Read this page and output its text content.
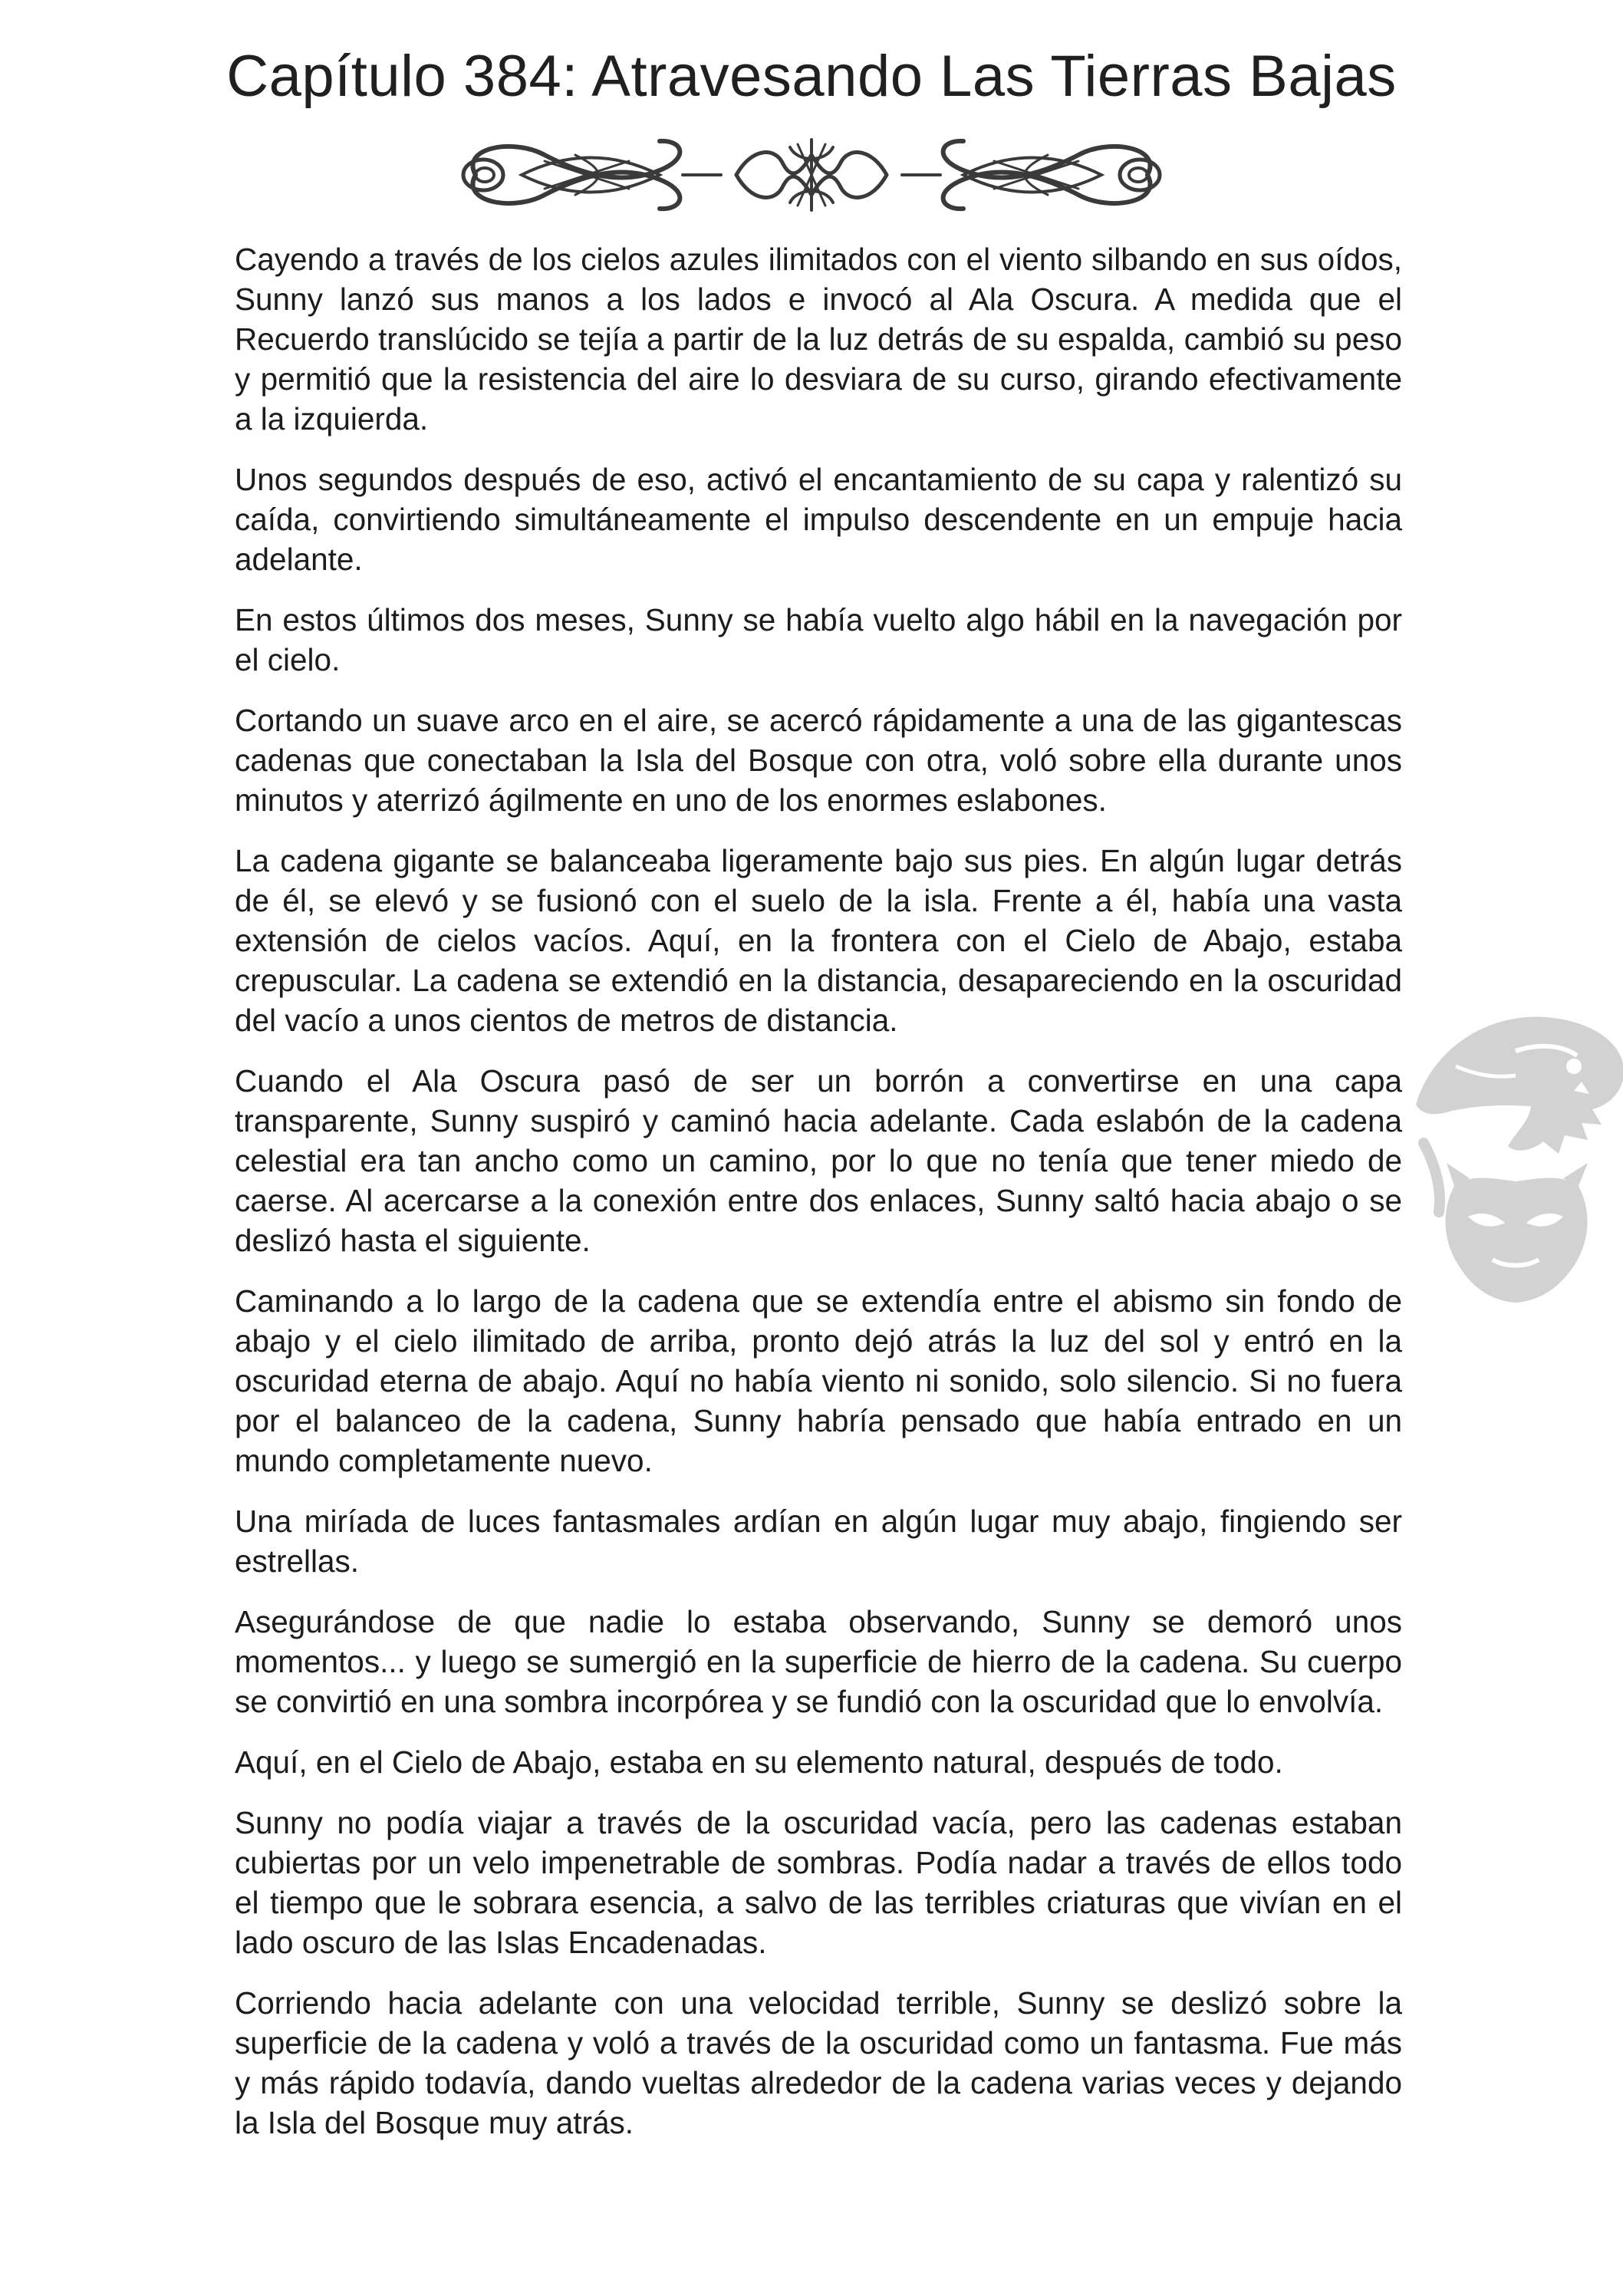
Capítulo 384: Atravesando Las Tierras Bajas

Cayendo a través de los cielos azules ilimitados con el viento silbando en sus oídos, Sunny lanzó sus manos a los lados e invocó al Ala Oscura. A medida que el Recuerdo translúcido se tejía a partir de la luz detrás de su espalda, cambió su peso y permitió que la resistencia del aire lo desviara de su curso, girando efectivamente a la izquierda.

Unos segundos después de eso, activó el encantamiento de su capa y ralentizó su caída, convirtiendo simultáneamente el impulso descendente en un empuje hacia adelante.

En estos últimos dos meses, Sunny se había vuelto algo hábil en la navegación por el cielo.

Cortando un suave arco en el aire, se acercó rápidamente a una de las gigantescas cadenas que conectaban la Isla del Bosque con otra, voló sobre ella durante unos minutos y aterrizó ágilmente en uno de los enormes eslabones.

La cadena gigante se balanceaba ligeramente bajo sus pies. En algún lugar detrás de él, se elevó y se fusionó con el suelo de la isla. Frente a él, había una vasta extensión de cielos vacíos. Aquí, en la frontera con el Cielo de Abajo, estaba crepuscular. La cadena se extendió en la distancia, desapareciendo en la oscuridad del vacío a unos cientos de metros de distancia.

Cuando el Ala Oscura pasó de ser un borrón a convertirse en una capa transparente, Sunny suspiró y caminó hacia adelante. Cada eslabón de la cadena celestial era tan ancho como un camino, por lo que no tenía que tener miedo de caerse. Al acercarse a la conexión entre dos enlaces, Sunny saltó hacia abajo o se deslizó hasta el siguiente.

Caminando a lo largo de la cadena que se extendía entre el abismo sin fondo de abajo y el cielo ilimitado de arriba, pronto dejó atrás la luz del sol y entró en la oscuridad eterna de abajo. Aquí no había viento ni sonido, solo silencio. Si no fuera por el balanceo de la cadena, Sunny habría pensado que había entrado en un mundo completamente nuevo.

Una miríada de luces fantasmales ardían en algún lugar muy abajo, fingiendo ser estrellas.

Asegurándose de que nadie lo estaba observando, Sunny se demoró unos momentos... y luego se sumergió en la superficie de hierro de la cadena. Su cuerpo se convirtió en una sombra incorpórea y se fundió con la oscuridad que lo envolvía.

Aquí, en el Cielo de Abajo, estaba en su elemento natural, después de todo.

Sunny no podía viajar a través de la oscuridad vacía, pero las cadenas estaban cubiertas por un velo impenetrable de sombras. Podía nadar a través de ellos todo el tiempo que le sobrara esencia, a salvo de las terribles criaturas que vivían en el lado oscuro de las Islas Encadenadas.

Corriendo hacia adelante con una velocidad terrible, Sunny se deslizó sobre la superficie de la cadena y voló a través de la oscuridad como un fantasma. Fue más y más rápido todavía, dando vueltas alrededor de la cadena varias veces y dejando la Isla del Bosque muy atrás.
